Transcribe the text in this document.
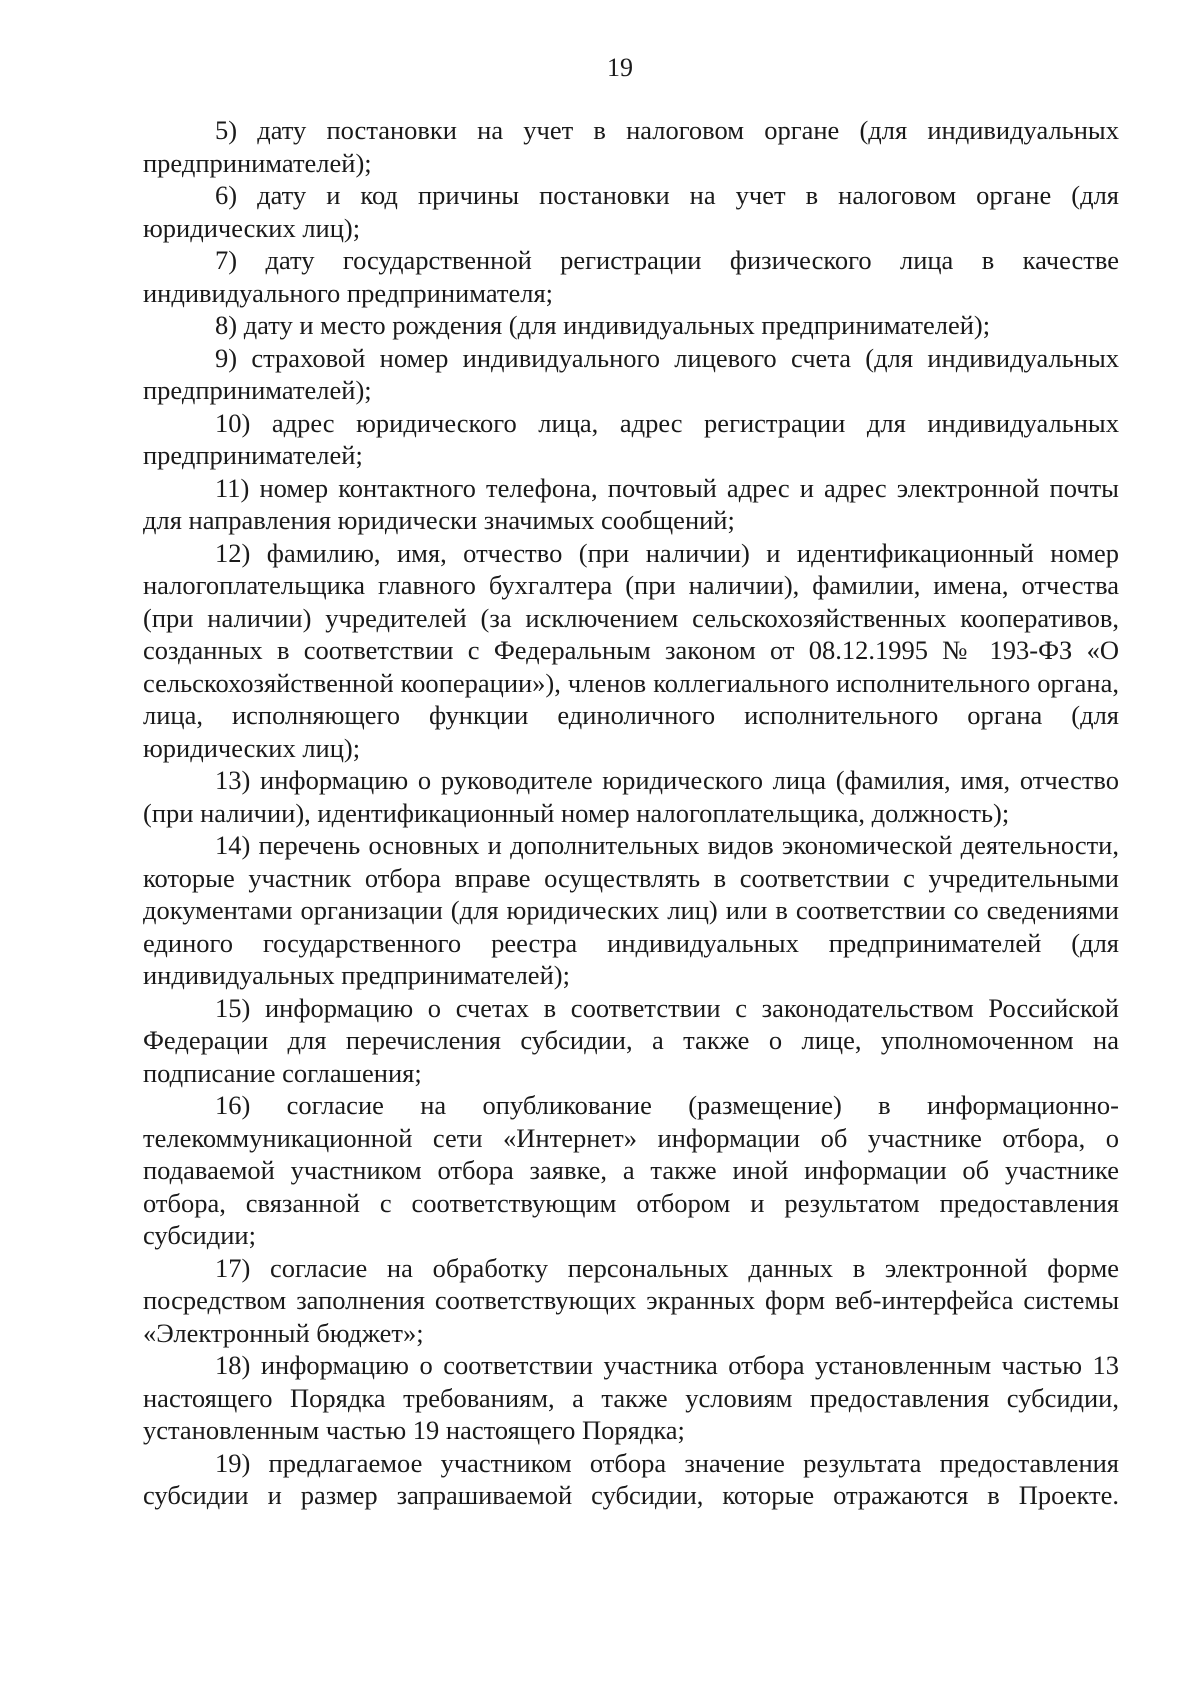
19

5) дату постановки на учет в налоговом органе (для индивидуальных предпринимателей);

6) дату и код причины постановки на учет в налоговом органе (для юридических лиц);

7) дату государственной регистрации физического лица в качестве индивидуального предпринимателя;

8) дату и место рождения (для индивидуальных предпринимателей);

9) страховой номер индивидуального лицевого счета (для индивидуальных предпринимателей);

10) адрес юридического лица, адрес регистрации для индивидуальных предпринимателей;

11) номер контактного телефона, почтовый адрес и адрес электронной почты для направления юридически значимых сообщений;

12) фамилию, имя, отчество (при наличии) и идентификационный номер налогоплательщика главного бухгалтера (при наличии), фамилии, имена, отчества (при наличии) учредителей (за исключением сельскохозяйственных кооперативов, созданных в соответствии с Федеральным законом от 08.12.1995 № 193-ФЗ «О сельскохозяйственной кооперации»), членов коллегиального исполнительного органа, лица, исполняющего функции единоличного исполнительного органа (для юридических лиц);

13) информацию о руководителе юридического лица (фамилия, имя, отчество (при наличии), идентификационный номер налогоплательщика, должность);

14) перечень основных и дополнительных видов экономической деятельности, которые участник отбора вправе осуществлять в соответствии с учредительными документами организации (для юридических лиц) или в соответствии со сведениями единого государственного реестра индивидуальных предпринимателей (для индивидуальных предпринимателей);

15) информацию о счетах в соответствии с законодательством Российской Федерации для перечисления субсидии, а также о лице, уполномоченном на подписание соглашения;

16) согласие на опубликование (размещение) в информационно-телекоммуникационной сети «Интернет» информации об участнике отбора, о подаваемой участником отбора заявке, а также иной информации об участнике отбора, связанной с соответствующим отбором и результатом предоставления субсидии;

17) согласие на обработку персональных данных в электронной форме посредством заполнения соответствующих экранных форм веб-интерфейса системы «Электронный бюджет»;

18) информацию о соответствии участника отбора установленным частью 13 настоящего Порядка требованиям, а также условиям предоставления субсидии, установленным частью 19 настоящего Порядка;

19) предлагаемое участником отбора значение результата предоставления субсидии и размер запрашиваемой субсидии, которые отражаются в Проекте.
